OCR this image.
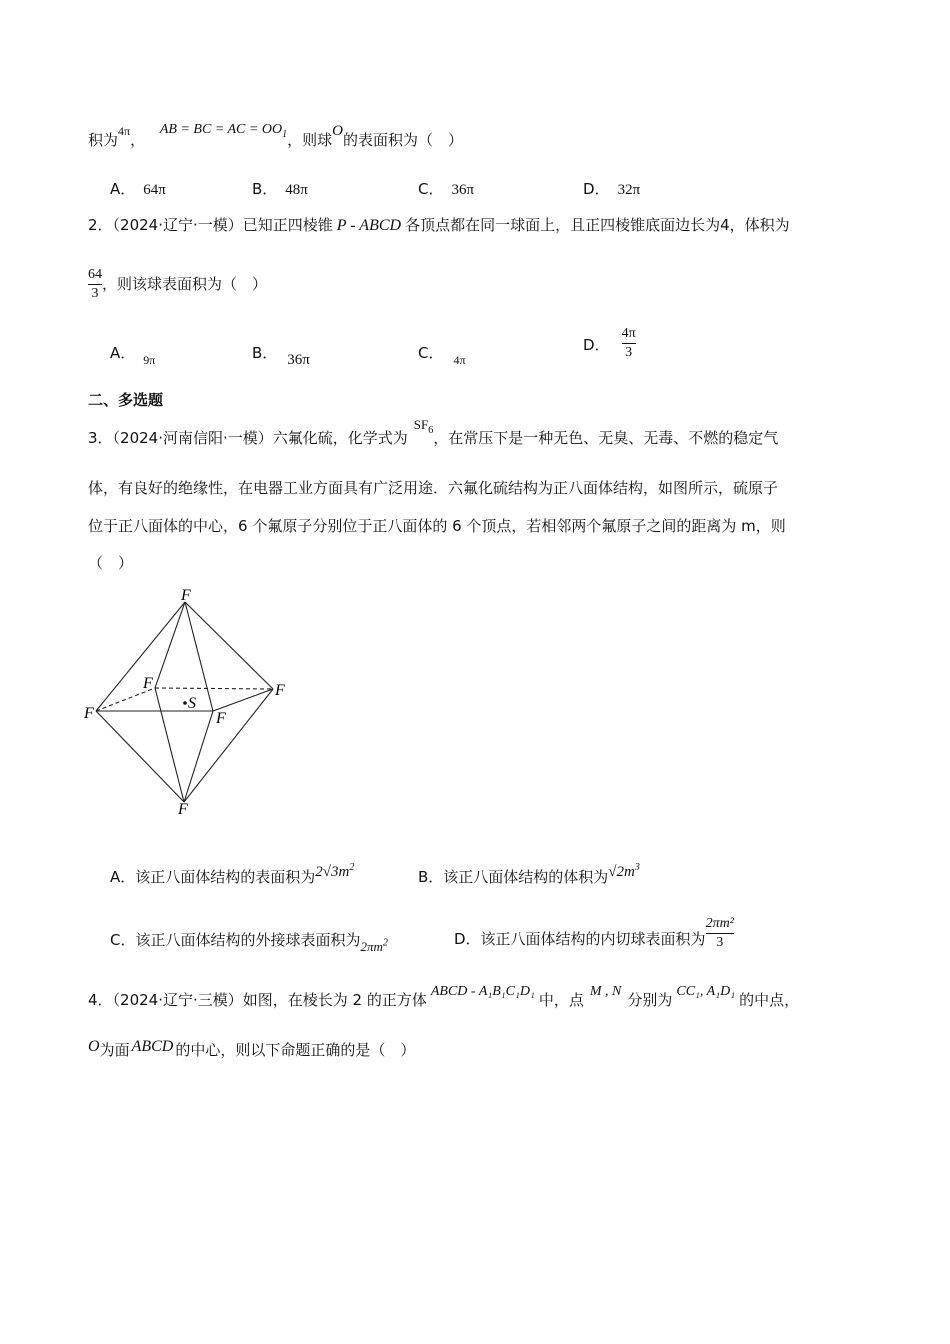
积为$^{4\pi}$， AB = BC = AC = $OO_1$，则球O的表面积为（　）
A． 64π	B． 48π	C． 36π	D． 32π
2．（2024·辽宁·一模）已知正四棱锥 P - ABCD 各顶点都在同一球面上，且正四棱锥底面边长为4，体积为
$\frac{64}{3}$ ，则该球表面积为（　）
A． $_{9\pi}$	B． 36π	C． $_{4\pi}$
D． $\frac{4\pi}{3}$
二、多选题
3．（2024·河南信阳·一模）六氟化硫，化学式为$SF^6$，在常压下是一种无色、无臭、无毒、不燃的稳定气
体，有良好的绝缘性，在电器工业方面具有广泛用途．六氟化硫结构为正八面体结构，如图所示，硫原子
位于正八面体的中心，6 个氟原子分别位于正八面体的 6 个顶点，若相邻两个氟原子之间的距离为 m，则
（　）
F
F
F	F
F
F
S
A．该正八面体结构的表面积为$2√3m^2$
B．该正八面体结构的体积为$√2m^3$
C．该正八面体结构的外接球表面积为$2\pi m^2$	D．该正八面体结构的内切球表面积为 $\frac{\text{2πm²}}{3}$
4．（2024·辽宁·三模）如图，在棱长为 2 的正方体 ABCD - A₁B₁C₁D₁ 中，点 M , N 分别为 CC₁, A₁D₁ 的中点，
O为面 ABCD 的中心，则以下命题正确的是（　）
